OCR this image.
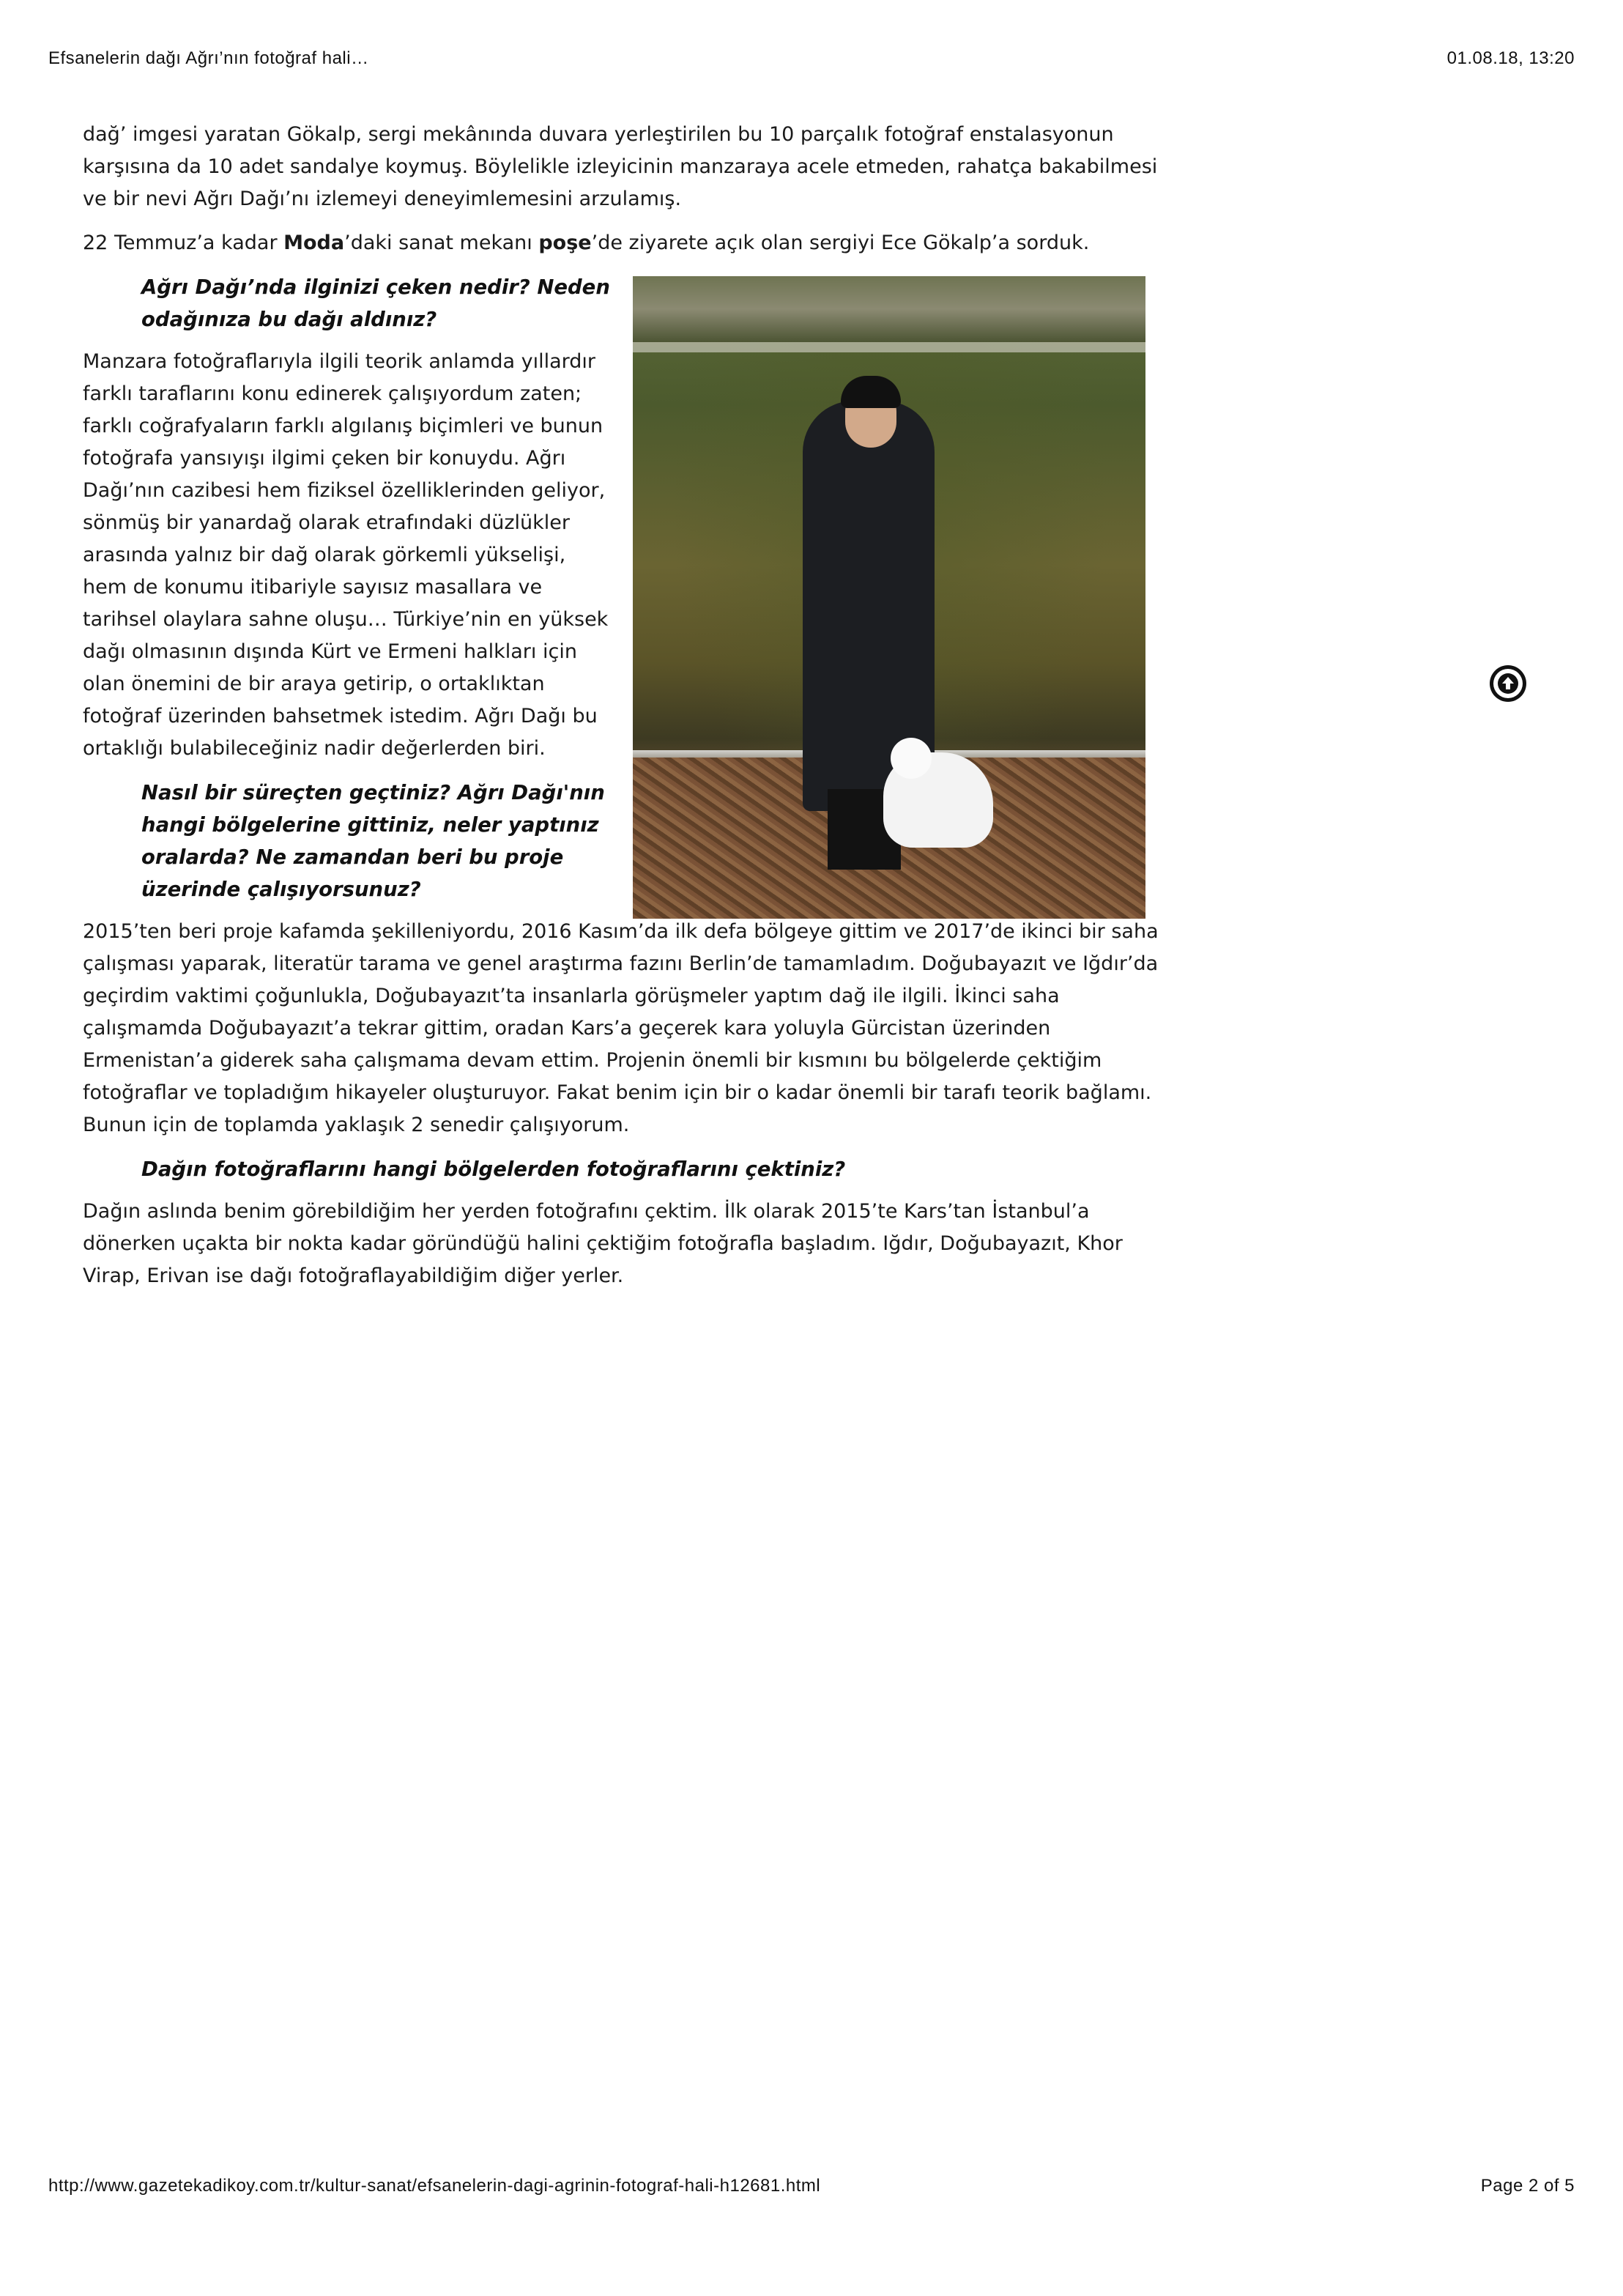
Efsanelerin dağı Ağrı’nın fotoğraf hali…	01.08.18, 13:20

dağ’ imgesi yaratan Gökalp, sergi mekânında duvara yerleştirilen bu 10 parçalık fotoğraf enstalasyonun karşısına da 10 adet sandalye koymuş. Böylelikle izleyicinin manzaraya acele etmeden, rahatça bakabilmesi ve bir nevi Ağrı Dağı’nı izlemeyi deneyimlemesini arzulamış.

22 Temmuz’a kadar Moda’daki sanat mekanı poşe’de ziyarete açık olan sergiyi Ece Gökalp’a sorduk.

Ağrı Dağı’nda ilginizi çeken nedir? Neden odağınıza bu dağı aldınız?

Manzara fotoğraflarıyla ilgili teorik anlamda yıllardır farklı taraflarını konu edinerek çalışıyordum zaten; farklı coğrafyaların farklı algılanış biçimleri ve bunun fotoğrafa yansıyışı ilgimi çeken bir konuydu. Ağrı Dağı’nın cazibesi hem fiziksel özelliklerinden geliyor, sönmüş bir yanardağ olarak etrafındaki düzlükler arasında yalnız bir dağ olarak görkemli yükselişi, hem de konumu itibariyle sayısız masallara ve tarihsel olaylara sahne oluşu… Türkiye’nin en yüksek dağı olmasının dışında Kürt ve Ermeni halkları için olan önemini de bir araya getirip, o ortaklıktan fotoğraf üzerinden bahsetmek istedim. Ağrı Dağı bu ortaklığı bulabileceğiniz nadir değerlerden biri.

Nasıl bir süreçten geçtiniz? Ağrı Dağı'nın hangi bölgelerine gittiniz, neler yaptınız oralarda? Ne zamandan beri bu proje üzerinde çalışıyorsunuz?

2015’ten beri proje kafamda şekilleniyordu, 2016 Kasım’da ilk defa bölgeye gittim ve 2017’de ikinci bir saha çalışması yaparak, literatür tarama ve genel araştırma fazını Berlin’de tamamladım. Doğubayazıt ve Iğdır’da geçirdim vaktimi çoğunlukla, Doğubayazıt’ta insanlarla görüşmeler yaptım dağ ile ilgili. İkinci saha çalışmamda Doğubayazıt’a tekrar gittim, oradan Kars’a geçerek kara yoluyla Gürcistan üzerinden Ermenistan’a giderek saha çalışmama devam ettim. Projenin önemli bir kısmını bu bölgelerde çektiğim fotoğraflar ve topladığım hikayeler oluşturuyor. Fakat benim için bir o kadar önemli bir tarafı teorik bağlamı. Bunun için de toplamda yaklaşık 2 senedir çalışıyorum.

Dağın fotoğraflarını hangi bölgelerden fotoğraflarını çektiniz?

Dağın aslında benim görebildiğim her yerden fotoğrafını çektim. İlk olarak 2015’te Kars’tan İstanbul’a dönerken uçakta bir nokta kadar göründüğü halini çektiğim fotoğrafla başladım. Iğdır, Doğubayazıt, Khor Virap, Erivan ise dağı fotoğraflayabildiğim diğer yerler.

http://www.gazetekadikoy.com.tr/kultur-sanat/efsanelerin-dagi-agrinin-fotograf-hali-h12681.html	Page 2 of 5
